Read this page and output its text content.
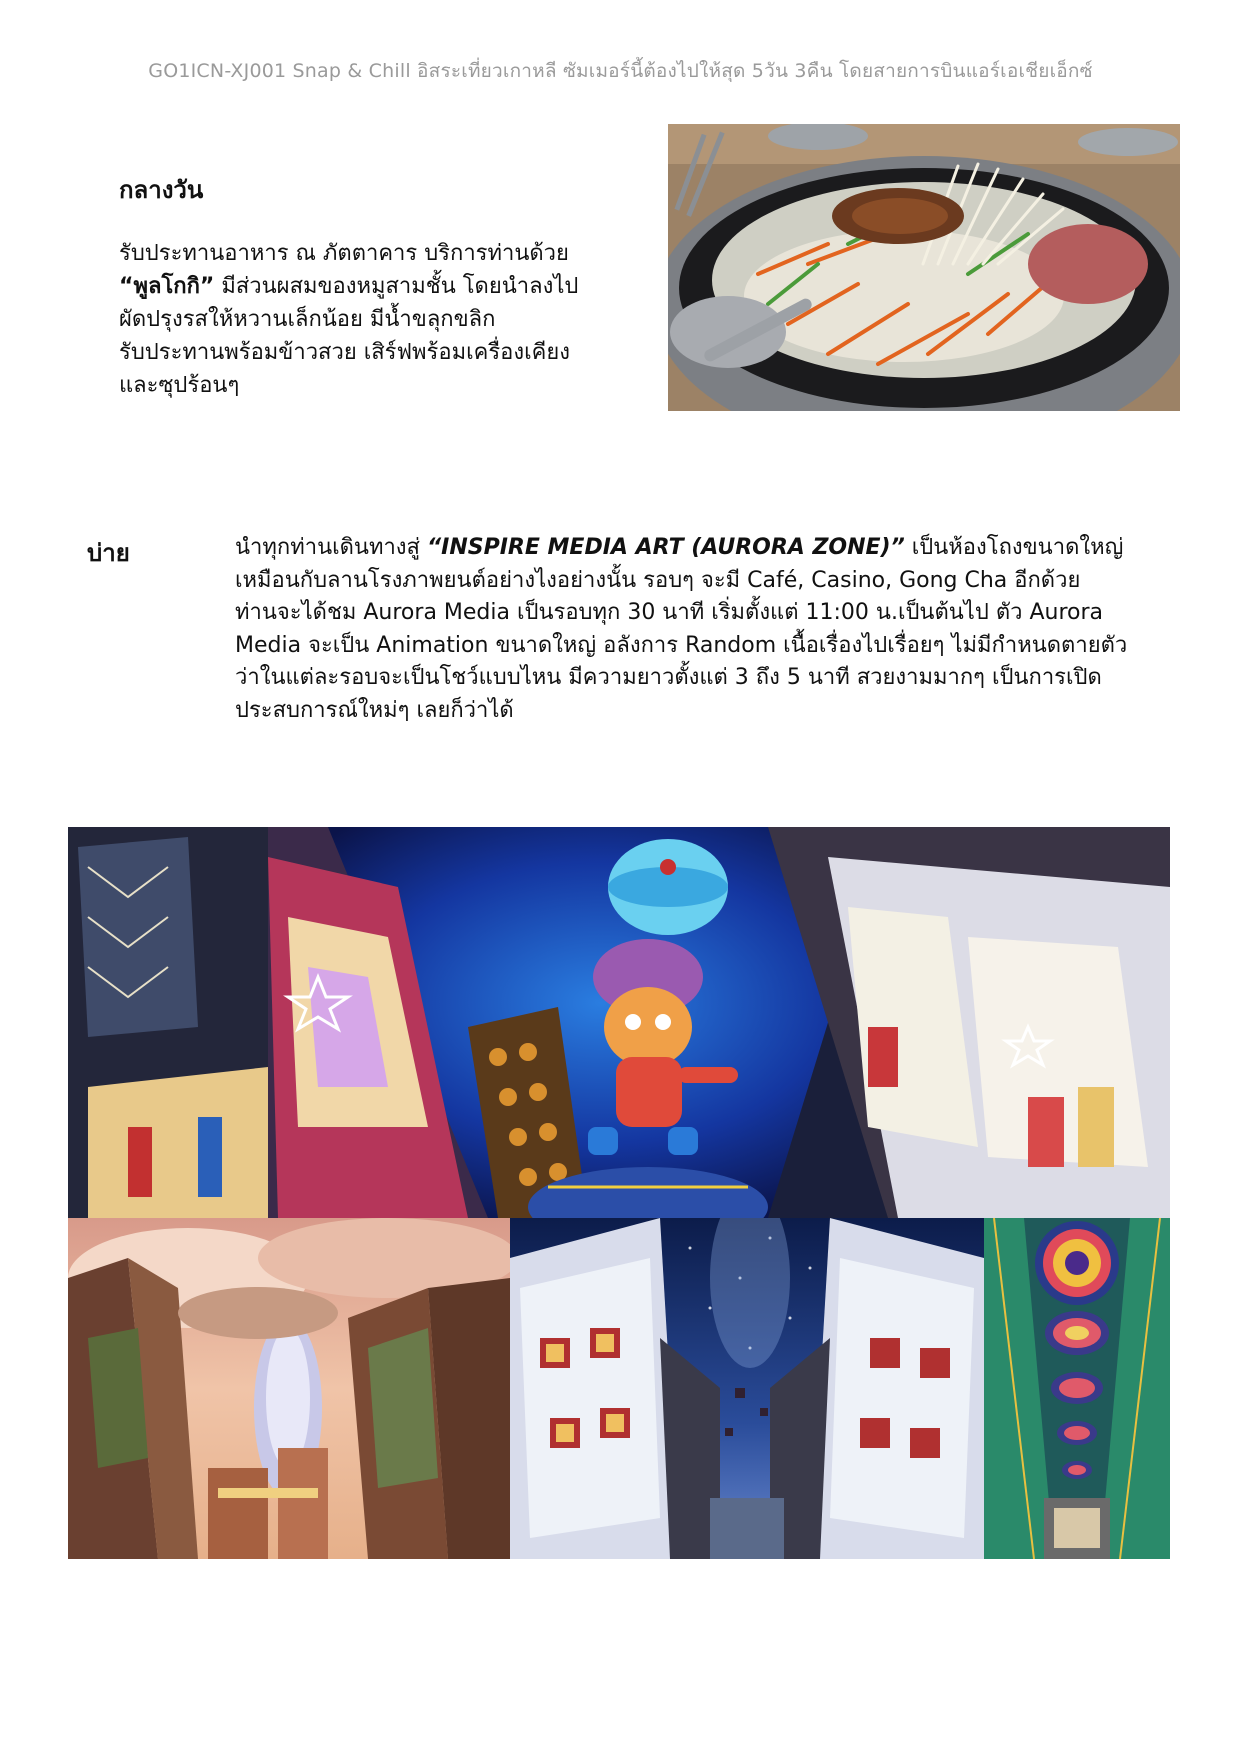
GO1ICN-XJ001 Snap & Chill อิสระเที่ยวเกาหลี ซัมเมอร์นี้ต้องไปให้สุด 5วัน 3คืน โดยสายการบินแอร์เอเชียเอ็กซ์
กลางวัน
รับประทานอาหาร ณ ภัตตาคาร บริการท่านด้วย
“พูลโกกิ” มีส่วนผสมของหมูสามชั้น โดยนำลงไป
ผัดปรุงรสให้หวานเล็กน้อย มีน้ำขลุกขลิก
รับประทานพร้อมข้าวสวย เสิร์ฟพร้อมเครื่องเคียง
และซุปร้อนๆ
บ่าย	นำทุกท่านเดินทางสู่ “INSPIRE MEDIA ART (AURORA ZONE)” เป็นห้องโถงขนาดใหญ่
เหมือนกับลานโรงภาพยนต์อย่างไงอย่างนั้น รอบๆ จะมี Café, Casino, Gong Cha อีกด้วย
ท่านจะได้ชม Aurora Media เป็นรอบทุก 30 นาที เริ่มตั้งแต่ 11:00 น.เป็นต้นไป ตัว Aurora
Media จะเป็น Animation ขนาดใหญ่ อลังการ Random เนื้อเรื่องไปเรื่อยๆ ไม่มีกำหนดตายตัว
ว่าในแต่ละรอบจะเป็นโชว์แบบไหน มีความยาวตั้งแต่ 3 ถึง 5 นาที สวยงามมากๆ เป็นการเปิด
ประสบการณ์ใหม่ๆ เลยก็ว่าได้
